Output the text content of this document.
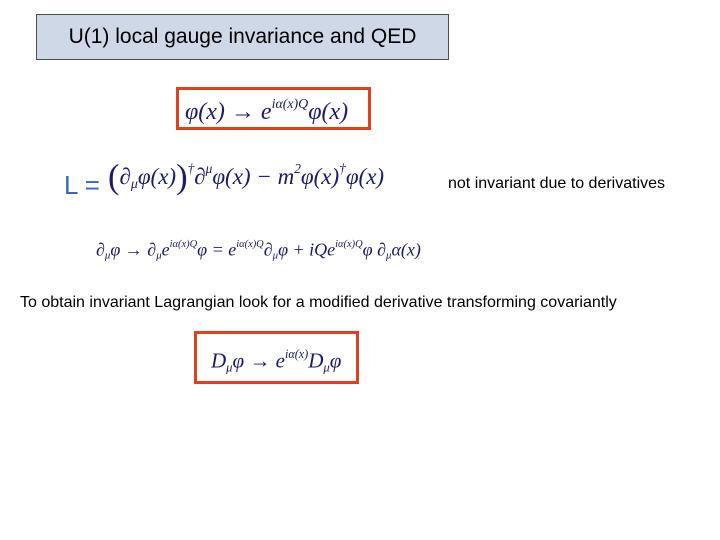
U(1) local gauge invariance and QED
$\varphi(x) \to e^{i\alpha(x)Q}\varphi(x)$
$L = (\partial_\mu\varphi(x))^\dagger\partial^\mu\varphi(x) - m^2\varphi(x)^\dagger\varphi(x)$	not invariant due to derivatives
$\partial_\mu\varphi \to \partial_\mu e^{i\alpha(x)Q}\varphi = e^{i\alpha(x)Q}\partial_\mu\varphi + iQe^{i\alpha(x)Q}\varphi$ $\partial_\mu\alpha(x)$
To obtain invariant Lagrangian look for a modified derivative transforming covariantly
$D_\mu\varphi \to e^{i\alpha(x)}D_\mu\varphi$
